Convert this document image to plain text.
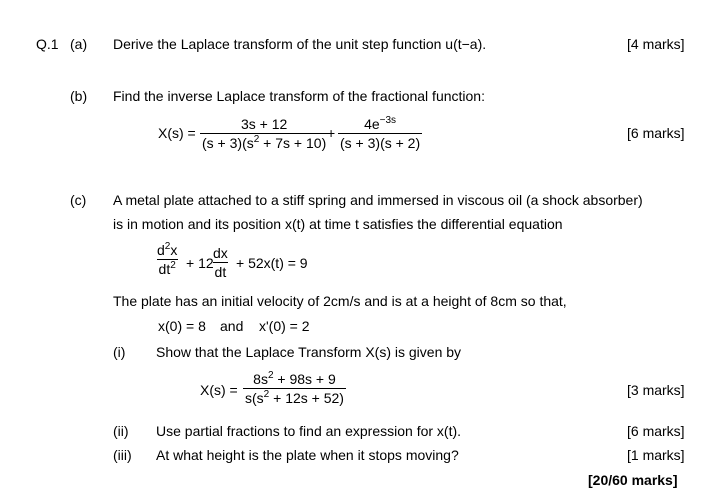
Q.1 (a) Derive the Laplace transform of the unit step function u(t−a).	[4 marks]
(b) Find the inverse Laplace transform of the fractional function:
$X(s) = \frac{3s + 12}{(s + 3)(s^2 + 7s + 10)}$
+ $\frac{4e^{-3s}}{(s + 3)(s + 2)}$	[6 marks]
(c) A metal plate attached to a stiff spring and immersed in viscous oil (a shock absorber)
is in motion and its position x(t) at time t satisfies the differential equation
$\frac{d^2x}{dt^2} + 12$
$\frac{dx}{dt} + 52x(t) = 9$
The plate has an initial velocity of 2cm/s and is at a height of 8cm so that,
x(0) = 8 and x'(0) = 2
(i) Show that the Laplace Transform X(s) is given by
$X(s) = \frac{8s^2 + 98s + 9}{s(s^2 + 12s + 52)}$	[3 marks]
(ii) Use partial fractions to find an expression for x(t).	[6 marks]
(iii) At what height is the plate when it stops moving?	[1 marks]
[20/60 marks]
